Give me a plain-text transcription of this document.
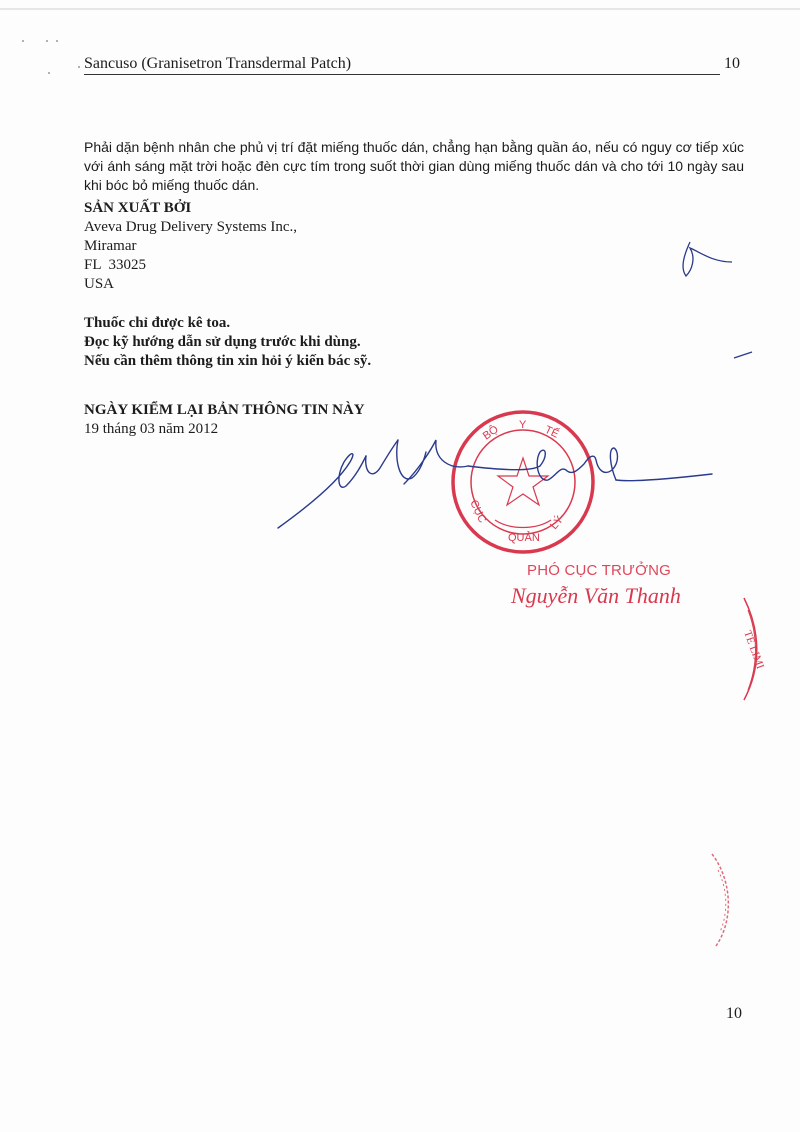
Sancuso (Granisetron Transdermal Patch)	10

Phải dặn bệnh nhân che phủ vị trí đặt miếng thuốc dán, chẳng hạn bằng quần áo, nếu có nguy cơ tiếp xúc với ánh sáng mặt trời hoặc đèn cực tím trong suốt thời gian dùng miếng thuốc dán và cho tới 10 ngày sau khi bóc bỏ miếng thuốc dán.

SẢN XUẤT BỞI
Aveva Drug Delivery Systems Inc.,
Miramar
FL  33025
USA
Thuốc chỉ được kê toa.
Đọc kỹ hướng dẫn sử dụng trước khi dùng.
Nếu cần thêm thông tin xin hỏi ý kiến bác sỹ.
NGÀY KIỂM LẠI BẢN THÔNG TIN NÀY
19 tháng 03 năm 2012	BỘ Y TẾ
CỤC
QUẢN
LÝ
TE LIMI
PHÓ CỤC TRƯỞNG
Nguyễn Văn Thanh
10
